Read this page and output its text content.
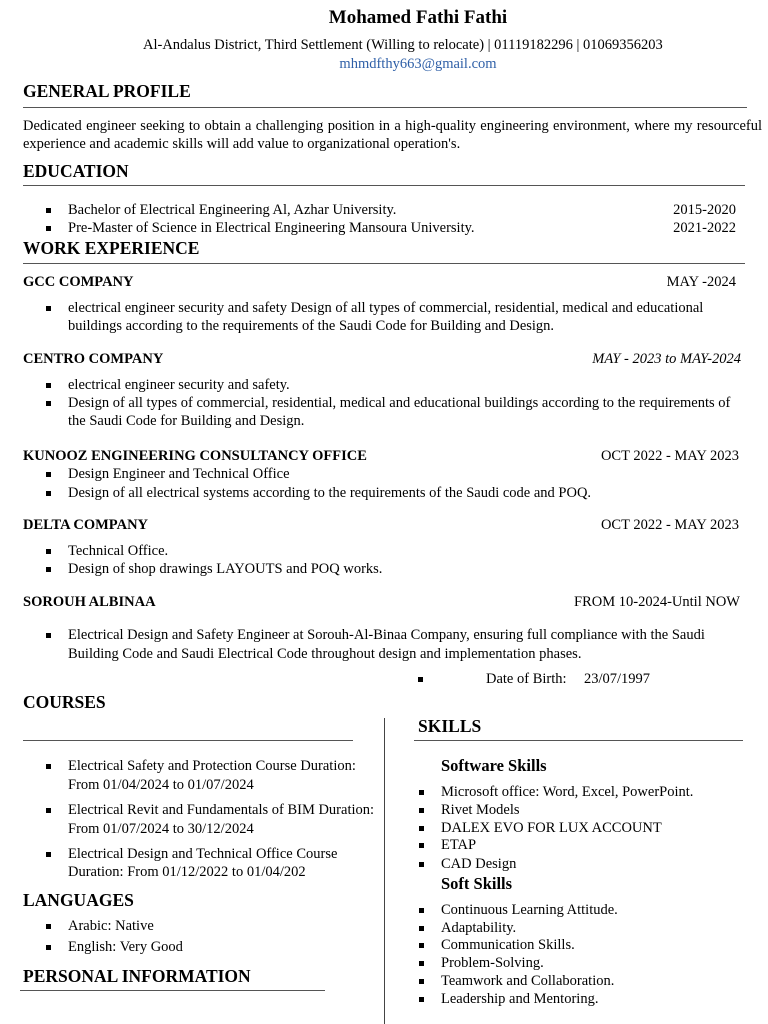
Mohamed Fathi Fathi
Al-Andalus District, Third Settlement (Willing to relocate) | 01119182296 | 01069356203
mhmdfthy663@gmail.com
GENERAL PROFILE
Dedicated engineer seeking to obtain a challenging position in a high-quality engineering environment, where my resourceful experience and academic skills will add value to organizational operation's.
EDUCATION
Bachelor of Electrical Engineering Al, Azhar University.	2015-2020
Pre-Master of Science in Electrical Engineering Mansoura University.	2021-2022
WORK EXPERIENCE
GCC COMPANY	MAY -2024
electrical engineer security and safety Design of all types of commercial, residential, medical and educational
buildings according to the requirements of the Saudi Code for Building and Design.
CENTRO COMPANY	MAY - 2023 to MAY-2024
electrical engineer security and safety.
Design of all types of commercial, residential, medical and educational buildings according to the requirements of
the Saudi Code for Building and Design.
KUNOOZ ENGINEERING CONSULTANCY OFFICE	OCT 2022 - MAY 2023
Design Engineer and Technical Office
Design of all electrical systems according to the requirements of the Saudi code and POQ.
DELTA COMPANY	OCT 2022 - MAY 2023
Technical Office.
Design of shop drawings LAYOUTS and POQ works.
SOROUH ALBINAA	FROM 10-2024-Until NOW
Electrical Design and Safety Engineer at Sorouh-Al-Binaa Company, ensuring full compliance with the Saudi
Building Code and Saudi Electrical Code throughout design and implementation phases.
Date of Birth: 23/07/1997
COURSES
Electrical Safety and Protection Course Duration:
From 01/04/2024 to 01/07/2024
Electrical Revit and Fundamentals of BIM Duration:
From 01/07/2024 to 30/12/2024
Electrical Design and Technical Office Course
Duration: From 01/12/2022 to 01/04/202
LANGUAGES
Arabic: Native
English: Very Good
PERSONAL INFORMATION
SKILLS
Software Skills
Microsoft office: Word, Excel, PowerPoint.
Rivet Models
DALEX EVO FOR LUX ACCOUNT
ETAP
CAD Design
Soft Skills
Continuous Learning Attitude.
Adaptability.
Communication Skills.
Problem-Solving.
Teamwork and Collaboration.
Leadership and Mentoring.
